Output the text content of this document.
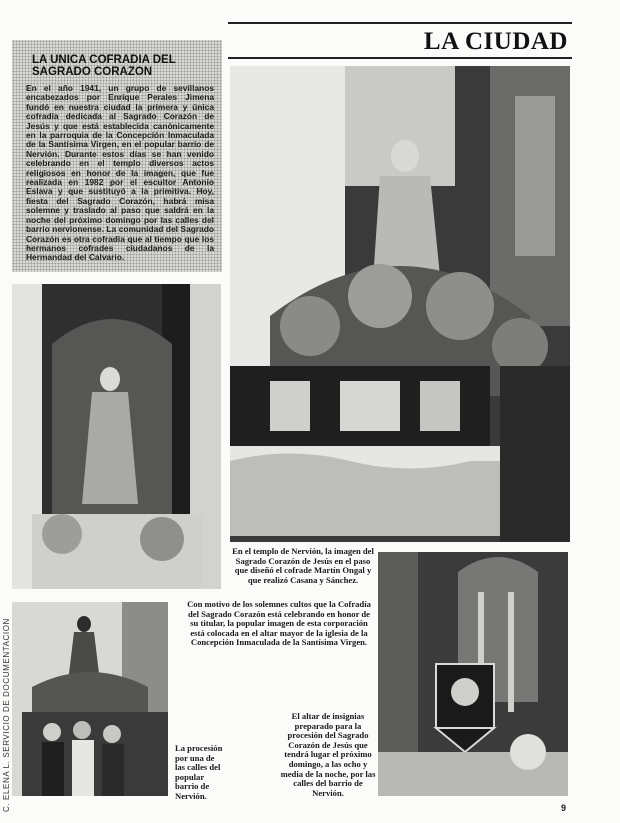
LA CIUDAD
LA UNICA COFRADIA DEL SAGRADO CORAZON

En el año 1941, un grupo de sevillanos encabezados por Enrique Perales Jimena fundó en nuestra ciudad la primera y única cofradía dedicada al Sagrado Corazón de Jesús y que está establecida canónicamente en la parroquia de la Concepción Inmaculada de la Santísima Virgen, en el popular barrio de Nervión. Durante estos días se han venido celebrando en el templo diversos actos religiosos en honor de la imagen, que fue realizada en 1982 por el escultor Antonio Eslava y que sustituyó a la primitiva. Hoy, fiesta del Sagrado Corazón, habrá misa solemne y traslado al paso que saldrá en la noche del próximo domingo por las calles del barrio nervionense. La comunidad del Sagrado Corazón es otra cofradía que al tiempo que los hermanos cofrades ciudadanos de la Hermandad del Calvario.

En el templo de Nervión, la imagen del Sagrado Corazón de Jesús en el paso que diseñó el cofrade Martín Ongal y que realizó Casana y Sánchez.
Con motivo de los solemnes cultos que la Cofradía del Sagrado Corazón está celebrando en honor de su titular, la popular imagen de esta corporación está colocada en el altar mayor de la iglesia de la Concepción Inmaculada de la Santísima Virgen.
La procesión por una de las calles del popular barrio de Nervión.
El altar de insignias preparado para la procesión del Sagrado Corazón de Jesús que tendrá lugar el próximo domingo, a las ocho y media de la noche, por las calles del barrio de Nervión.
C. ELENA L. SERVICIO DE DOCUMENTACION	9
